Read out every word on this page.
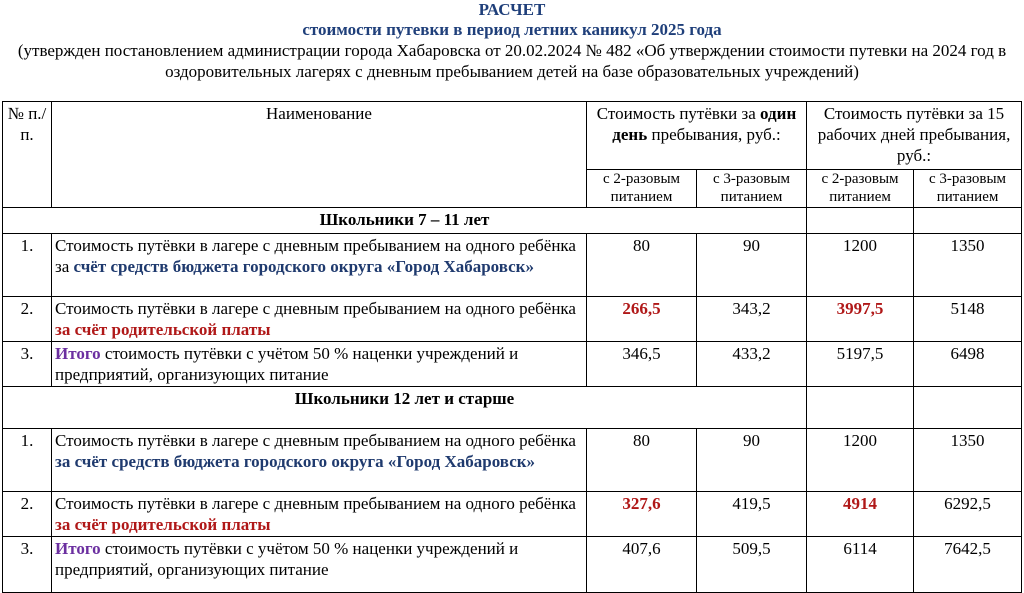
РАСЧЕТ
стоимости путевки в период летних каникул 2025 года
(утвержден постановлением администрации города Хабаровска от 20.02.2024 № 482 «Об утверждении стоимости путевки на 2024 год в оздоровительных лагерях с дневным пребыванием детей на базе образовательных учреждений)
№ п./п.	Наименование	Стоимость путёвки за один день пребывания, руб.:		Стоимость путёвки за 15 рабочих дней пребывания, руб.:	
		с 2-разовым питанием	с 3-разовым питанием	с 2-разовым питанием	с 3-разовым питанием
Школьники 7 – 11 лет					
1.	Стоимость путёвки в лагере с дневным пребыванием на одного ребёнка за счёт средств бюджета городского округа «Город Хабаровск»	80	90	1200	1350
2.	Стоимость путёвки в лагере с дневным пребыванием на одного ребёнка за счёт родительской платы	266,5	343,2	3997,5	5148
3.	Итого стоимость путёвки с учётом 50 % наценки учреждений и предприятий, организующих питание	346,5	433,2	5197,5	6498
Школьники 12 лет и старше					
1.	Стоимость путёвки в лагере с дневным пребыванием на одного ребёнка за счёт средств бюджета городского округа «Город Хабаровск»	80	90	1200	1350
2.	Стоимость путёвки в лагере с дневным пребыванием на одного ребёнка за счёт родительской платы	327,6	419,5	4914	6292,5
3.	Итого стоимость путёвки с учётом 50 % наценки учреждений и предприятий, организующих питание	407,6	509,5	6114	7642,5
